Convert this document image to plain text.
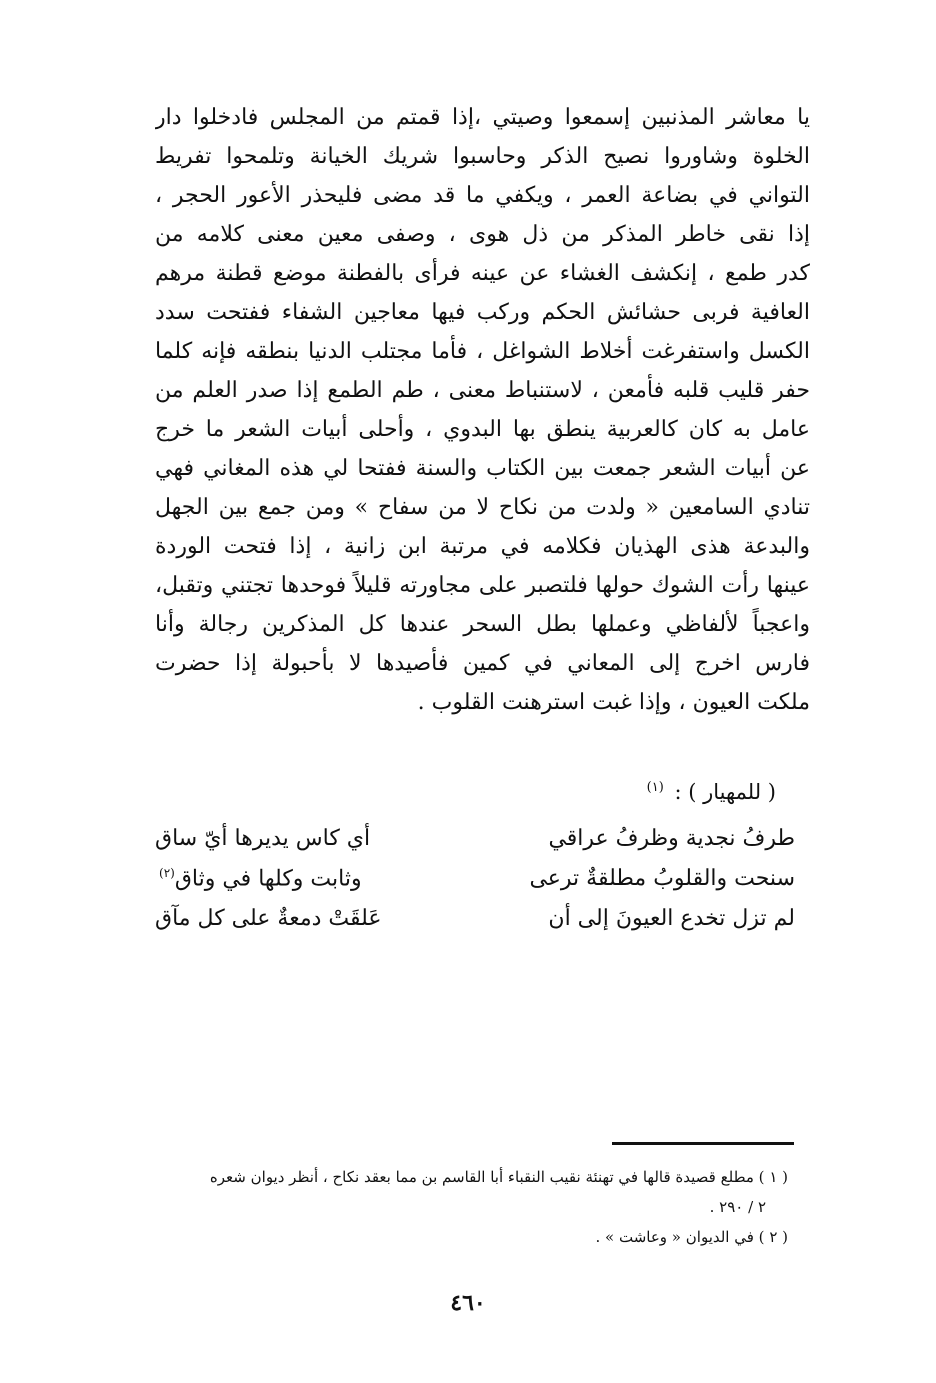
يا معاشر المذنبين إسمعوا وصيتي ،إذا قمتم من المجلس فادخلوا دار
الخلوة وشاوروا نصيح الذكر وحاسبوا شريك الخيانة وتلمحوا تفريط
التواني في بضاعة العمر ، ويكفي ما قد مضى فليحذر الأعور الحجر ،
إذا نقى خاطر المذكر من ذل هوى ، وصفى معين معنى كلامه من
كدر طمع ، إنكشف الغشاء عن عينه فرأى بالفطنة موضع قطنة مرهم
العافية فربى حشائش الحكم وركب فيها معاجين الشفاء ففتحت سدد
الكسل واستفرغت أخلاط الشواغل ، فأما مجتلب الدنيا بنطقه فإنه كلما
حفر قليب قلبه فأمعن ، لاستنباط معنى ، طم الطمع إذا صدر العلم من
عامل به كان كالعربية ينطق بها البدوي ، وأحلى أبيات الشعر ما خرج
عن أبيات الشعر جمعت بين الكتاب والسنة ففتحا لي هذه المغاني فهي
تنادي السامعين « ولدت من نكاح لا من سفاح » ومن جمع بين الجهل
والبدعة هذى الهذيان فكلامه في مرتبة ابن زانية ، إذا فتحت الوردة
عينها رأت الشوك حولها فلتصبر على مجاورته قليلاً فوحدها تجتني وتقبل،
واعجباً لألفاظي وعملها بطل السحر عندها كل المذكرين رجالة وأنا
فارس اخرج إلى المعاني في كمين فأصيدها لا بأحبولة إذا حضرت
ملكت العيون ، وإذا غبت استرهنت القلوب .
( للمهيار ) : $^{(١)}$
طرفُ نجدية وظرفُ عراقي
أي كاس يديرها أيّ ساق
سنحت والقلوبُ مطلقةٌ ترعى
وثابت وكلها في وثاق$^{(٢)}$
لم تزل تخدع العيونَ إلى أن
عَلقَتْ دمعةٌ على كل مآق
( ١ ) مطلع قصيدة قالها في تهنئة نقيب النقباء أبا القاسم بن مما بعقد نكاح ، أنظر ديوان شعره
٢ / ٢٩٠ .
( ٢ ) في الديوان « وعاشت » .
٤٦٠
